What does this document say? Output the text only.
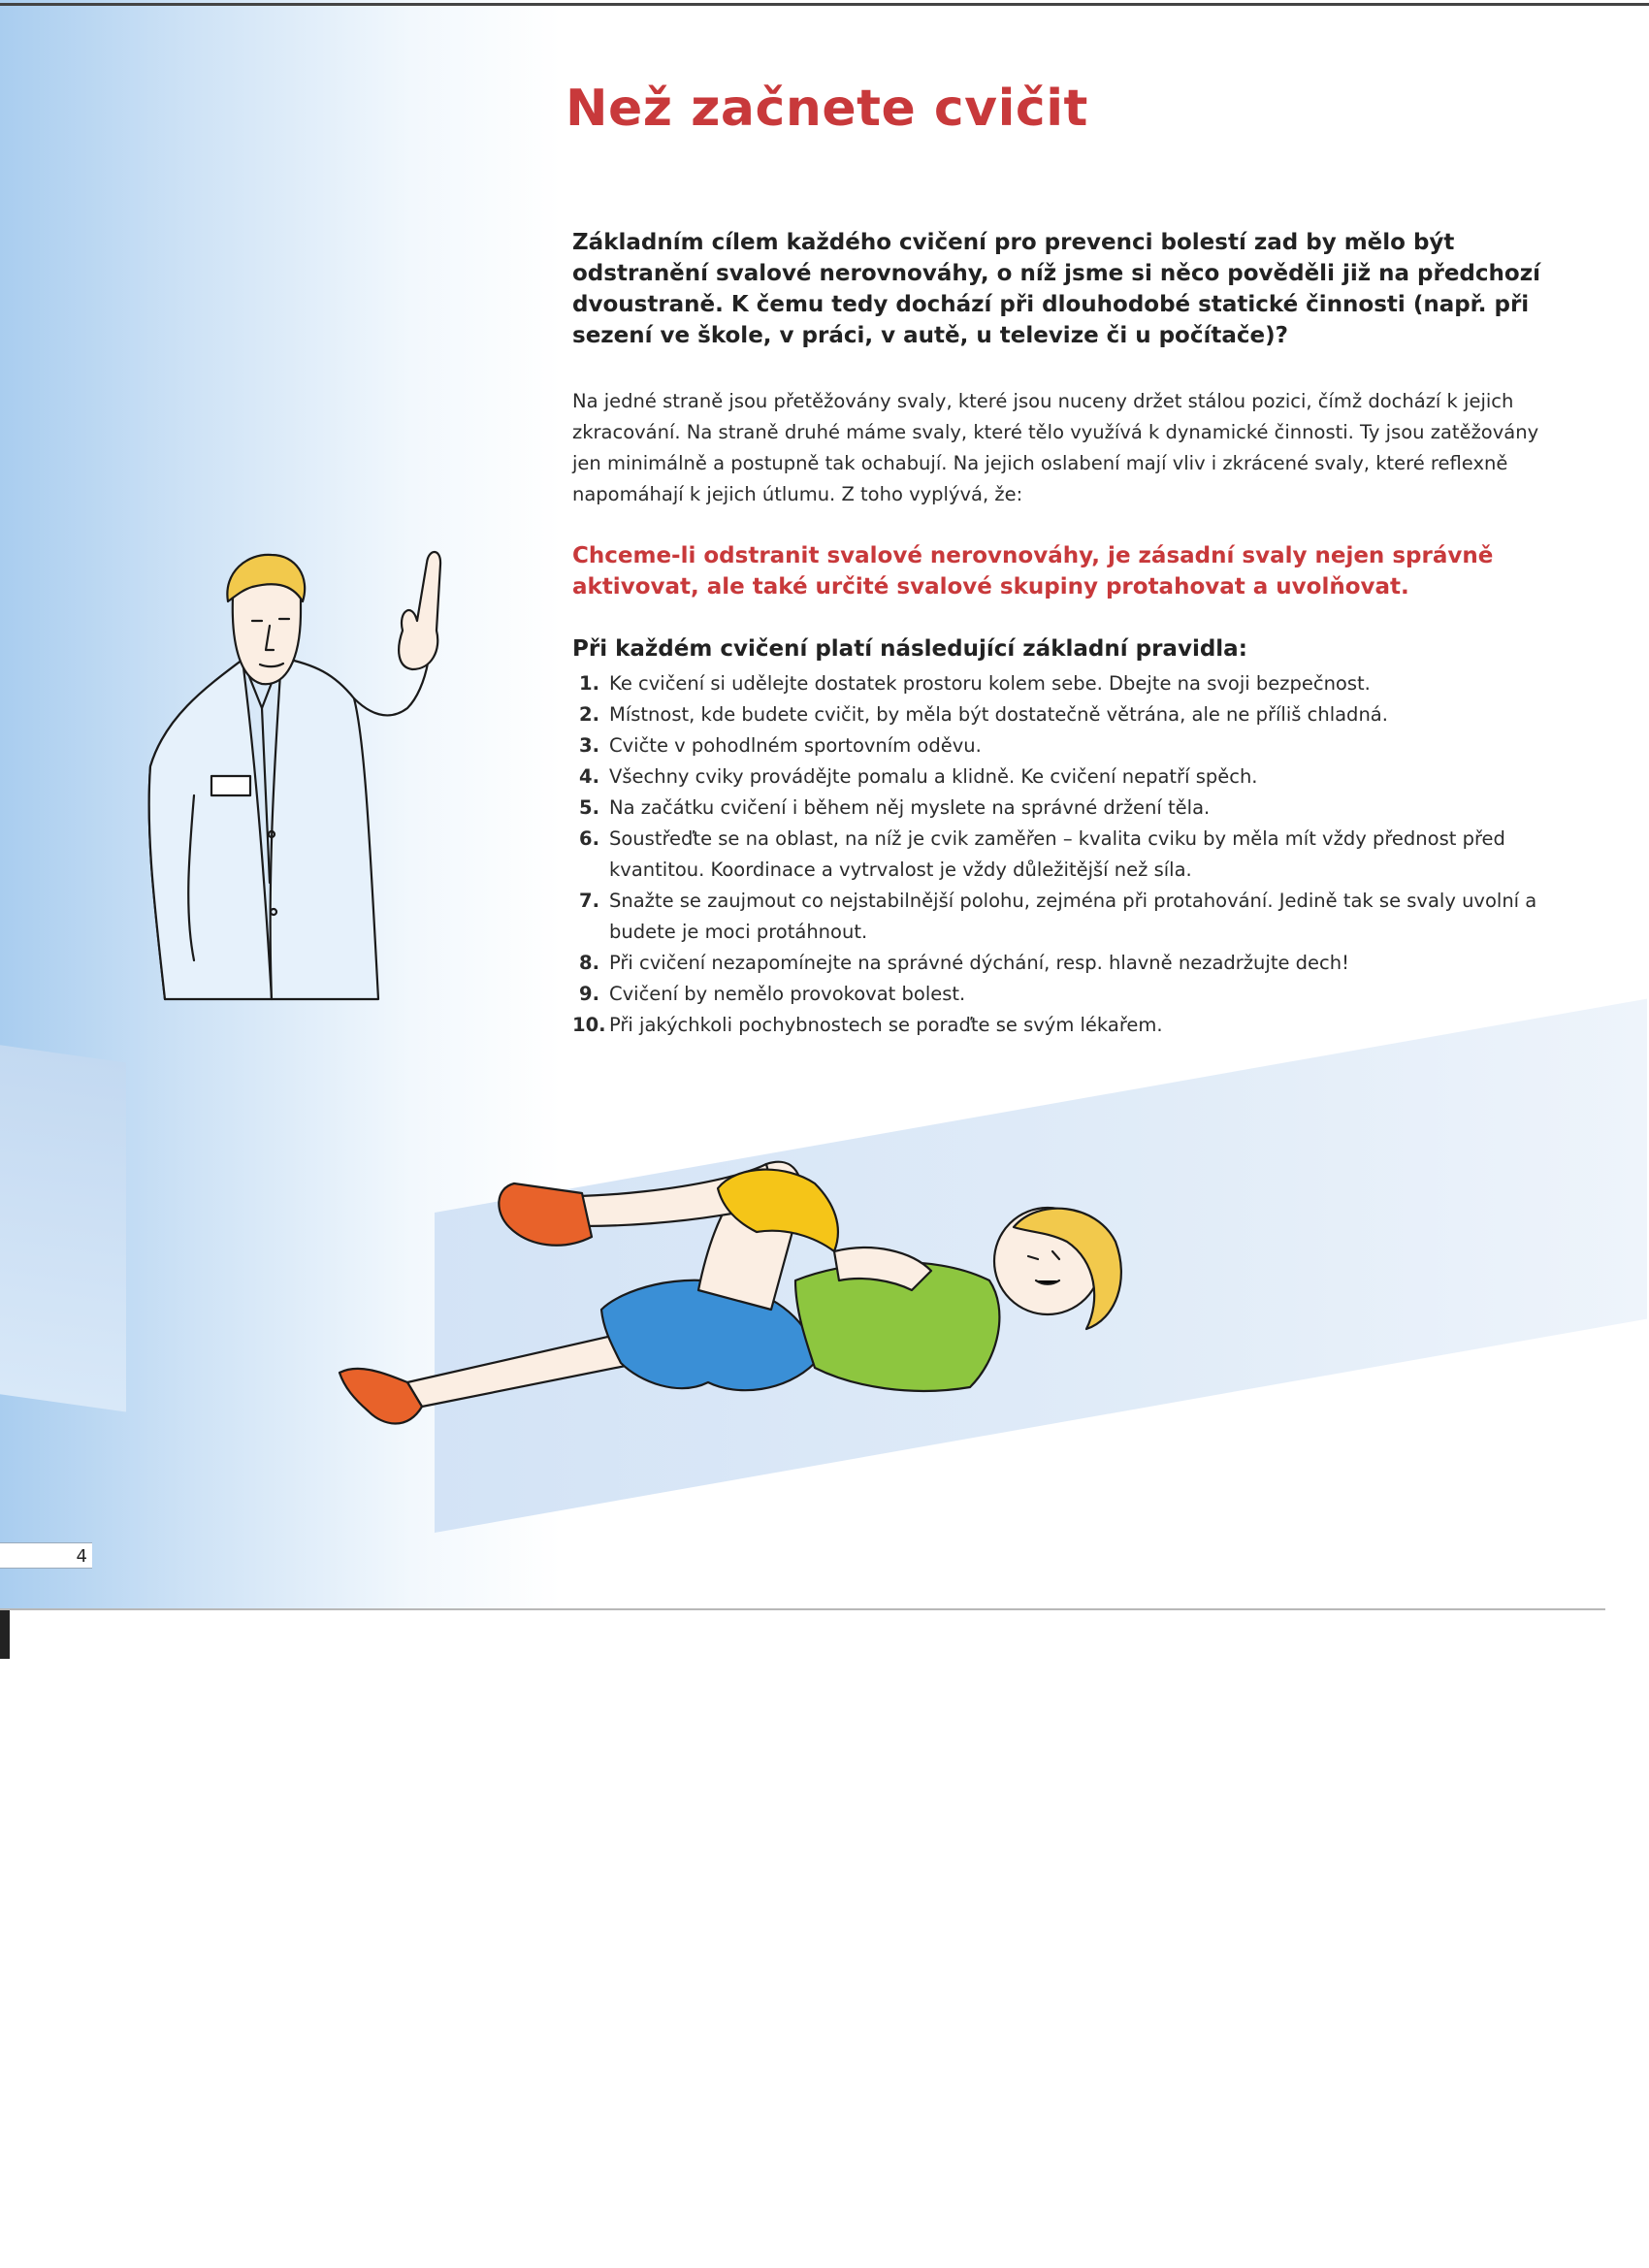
Než začnete cvičit

Základním cílem každého cvičení pro prevenci bolestí zad by mělo být odstranění svalové nerovnováhy, o níž jsme si něco pověděli již na předchozí dvoustraně. K čemu tedy dochází při dlouhodobé statické činnosti (např. při sezení ve škole, v práci, v autě, u televize či u počítače)?

Na jedné straně jsou přetěžovány svaly, které jsou nuceny držet stálou pozici, čímž dochází k jejich zkracování. Na straně druhé máme svaly, které tělo využívá k dynamické činnosti. Ty jsou zatěžovány jen minimálně a postupně tak ochabují. Na jejich oslabení mají vliv i zkrácené svaly, které reflexně napomáhají k jejich útlumu. Z toho vyplývá, že:

Chceme-li odstranit svalové nerovnováhy, je zásadní svaly nejen správně aktivovat, ale také určité svalové skupiny protahovat a uvolňovat.

Při každém cvičení platí následující základní pravidla:

1. Ke cvičení si udělejte dostatek prostoru kolem sebe. Dbejte na svoji bezpečnost.
2. Místnost, kde budete cvičit, by měla být dostatečně větrána, ale ne příliš chladná.
3. Cvičte v pohodlném sportovním oděvu.
4. Všechny cviky provádějte pomalu a klidně. Ke cvičení nepatří spěch.
5. Na začátku cvičení i během něj myslete na správné držení těla.
6. Soustřeďte se na oblast, na níž je cvik zaměřen – kvalita cviku by měla mít vždy přednost před kvantitou. Koordinace a vytrvalost je vždy důležitější než síla.
7. Snažte se zaujmout co nejstabilnější polohu, zejména při protahování. Jedině tak se svaly uvolní a budete je moci protáhnout.
8. Při cvičení nezapomínejte na správné dýchání, resp. hlavně nezadržujte dech!
9. Cvičení by nemělo provokovat bolest.
10. Při jakýchkoli pochybnostech se poraďte se svým lékařem.
4
